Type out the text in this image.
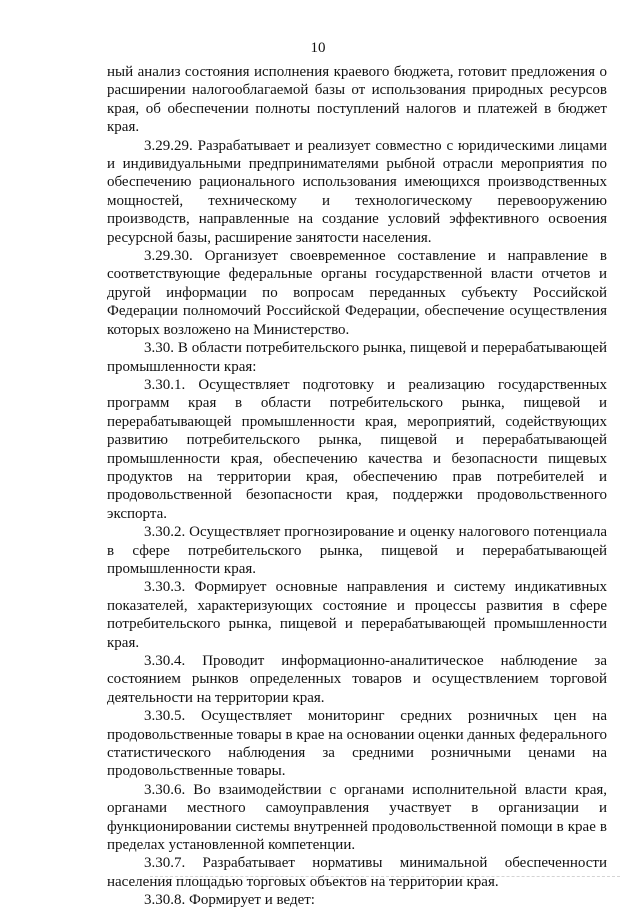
10

ный анализ состояния исполнения краевого бюджета, готовит предложения о расширении налогооблагаемой базы от использования природных ресурсов края, об обеспечении полноты поступлений налогов и платежей в бюджет края.

3.29.29. Разрабатывает и реализует совместно с юридическими лицами и индивидуальными предпринимателями рыбной отрасли мероприятия по обеспечению рационального использования имеющихся производственных мощностей, техническому и технологическому перевооружению производств, направленные на создание условий эффективного освоения ресурсной базы, расширение занятости населения.

3.29.30. Организует своевременное составление и направление в соответствующие федеральные органы государственной власти отчетов и другой информации по вопросам переданных субъекту Российской Федерации полномочий Российской Федерации, обеспечение осуществления которых возложено на Министерство.

3.30. В области потребительского рынка, пищевой и перерабатывающей промышленности края:

3.30.1. Осуществляет подготовку и реализацию государственных программ края в области потребительского рынка, пищевой и перерабатывающей промышленности края, мероприятий, содействующих развитию потребительского рынка, пищевой и перерабатывающей промышленности края, обеспечению качества и безопасности пищевых продуктов на территории края, обеспечению прав потребителей и продовольственной безопасности края, поддержки продовольственного экспорта.

3.30.2. Осуществляет прогнозирование и оценку налогового потенциала в сфере потребительского рынка, пищевой и перерабатывающей промышленности края.

3.30.3. Формирует основные направления и систему индикативных показателей, характеризующих состояние и процессы развития в сфере потребительского рынка, пищевой и перерабатывающей промышленности края.

3.30.4. Проводит информационно-аналитическое наблюдение за состоянием рынков определенных товаров и осуществлением торговой деятельности на территории края.

3.30.5. Осуществляет мониторинг средних розничных цен на продовольственные товары в крае на основании оценки данных федерального статистического наблюдения за средними розничными ценами на продовольственные товары.

3.30.6. Во взаимодействии с органами исполнительной власти края, органами местного самоуправления участвует в организации и функционировании системы внутренней продовольственной помощи в крае в пределах установленной компетенции.

3.30.7. Разрабатывает нормативы минимальной обеспеченности населения площадью торговых объектов на территории края.

3.30.8. Формирует и ведет:
